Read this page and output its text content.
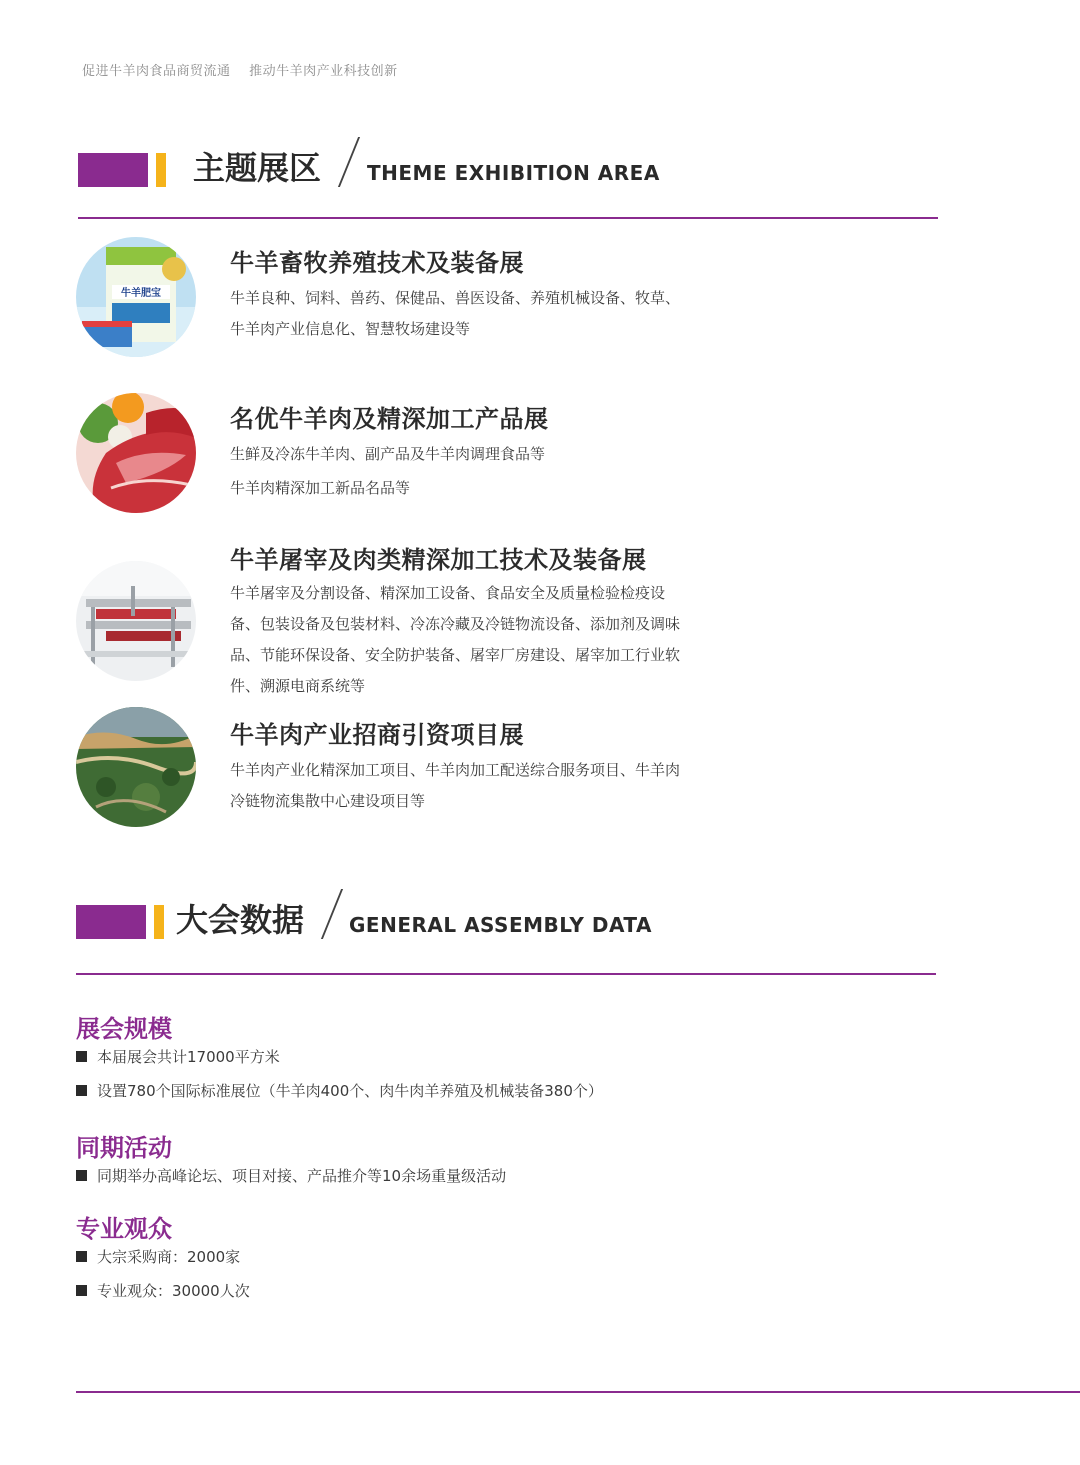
促进牛羊肉食品商贸流通 推动牛羊肉产业科技创新
主题展区 THEME EXHIBITION AREA
牛羊肥宝
牛羊畜牧养殖技术及装备展
牛羊良种、饲料、兽药、保健品、兽医设备、养殖机械设备、牧草、牛羊肉产业信息化、智慧牧场建设等
名优牛羊肉及精深加工产品展
生鲜及冷冻牛羊肉、副产品及牛羊肉调理食品等
牛羊肉精深加工新品名品等
牛羊屠宰及肉类精深加工技术及装备展
牛羊屠宰及分割设备、精深加工设备、食品安全及质量检验检疫设备、包装设备及包装材料、冷冻冷藏及冷链物流设备、添加剂及调味品、节能环保设备、安全防护装备、屠宰厂房建设、屠宰加工行业软件、溯源电商系统等
牛羊肉产业招商引资项目展
牛羊肉产业化精深加工项目、牛羊肉加工配送综合服务项目、牛羊肉冷链物流集散中心建设项目等
大会数据 GENERAL ASSEMBLY DATA
展会规模
本届展会共计17000平方米
设置780个国际标准展位（牛羊肉400个、肉牛肉羊养殖及机械装备380个）
同期活动
同期举办高峰论坛、项目对接、产品推介等10余场重量级活动
专业观众
大宗采购商：2000家
专业观众：30000人次
